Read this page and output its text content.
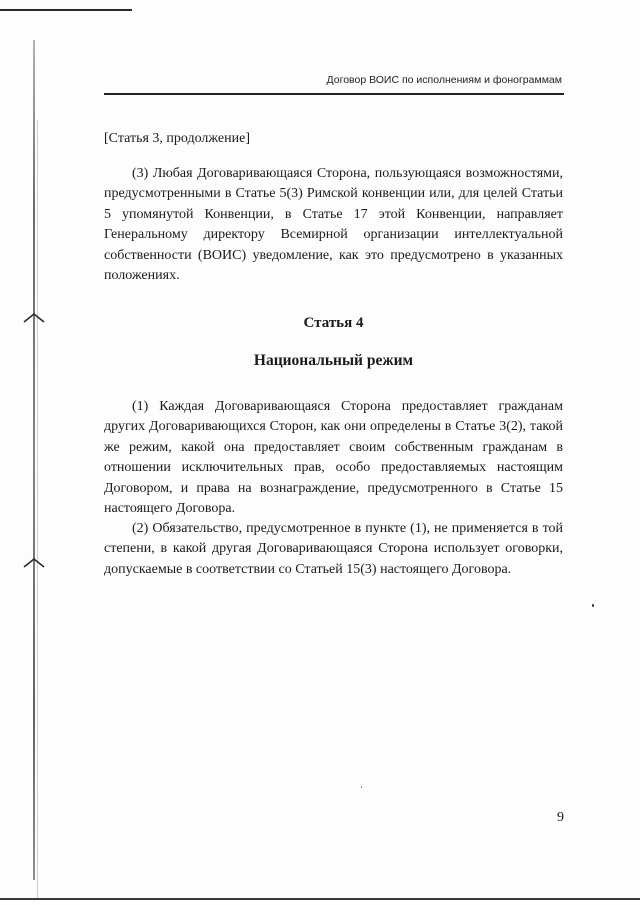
Договор ВОИС по исполнениям и фонограммам
[Статья 3, продолжение]

(3) Любая Договаривающаяся Сторона, пользующаяся возможностями, предусмотренными в Статье 5(3) Римской конвенции или, для целей Статьи 5 упомянутой Конвенции, в Статье 17 этой Конвенции, направляет Генеральному директору Всемирной организации интеллектуальной собственности (ВОИС) уведомление, как это предусмотрено в указанных положениях.

Статья 4
Национальный режим

(1) Каждая Договаривающаяся Сторона предоставляет гражданам других Договаривающихся Сторон, как они определены в Статье 3(2), такой же режим, какой она предоставляет своим собственным гражданам в отношении исключительных прав, особо предоставляемых настоящим Договором, и права на вознаграждение, предусмотренного в Статье 15 настоящего Договора.

(2) Обязательство, предусмотренное в пункте (1), не применяется в той степени, в какой другая Договаривающаяся Сторона использует оговорки, допускаемые в соответствии со Статьей 15(3) настоящего Договора.

9
